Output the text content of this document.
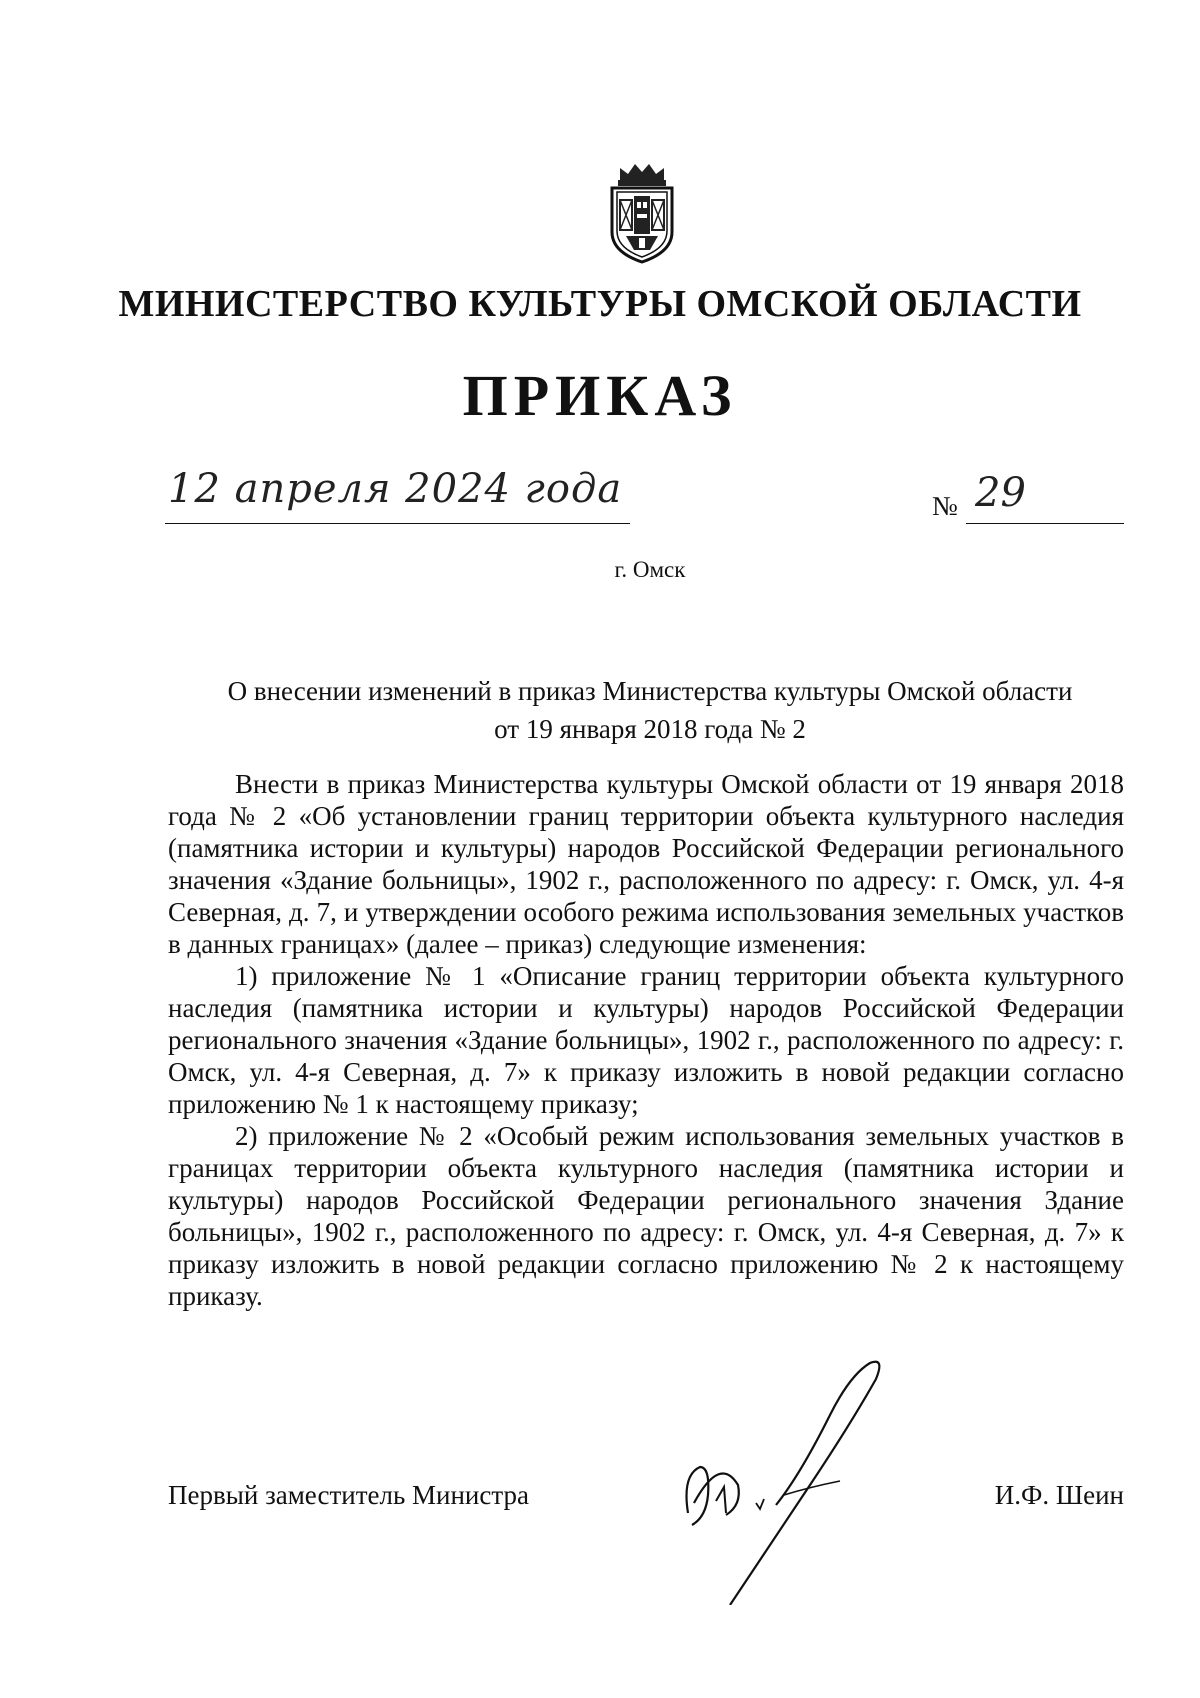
МИНИСТЕРСТВО КУЛЬТУРЫ ОМСКОЙ ОБЛАСТИ
ПРИКАЗ
12 апреля 2024 года	№ 29
г. Омск
О внесении изменений в приказ Министерства культуры Омской области
от 19 января 2018 года № 2

Внести в приказ Министерства культуры Омской области от 19 января 2018 года № 2 «Об установлении границ территории объекта культурного наследия (памятника истории и культуры) народов Российской Федерации регионального значения «Здание больницы», 1902 г., расположенного по адресу: г. Омск, ул. 4-я Северная, д. 7, и утверждении особого режима использования земельных участков в данных границах» (далее – приказ) следующие изменения:

1) приложение № 1 «Описание границ территории объекта культурного наследия (памятника истории и культуры) народов Российской Федерации регионального значения «Здание больницы», 1902 г., расположенного по адресу: г. Омск, ул. 4-я Северная, д. 7» к приказу изложить в новой редакции согласно приложению № 1 к настоящему приказу;

2) приложение № 2 «Особый режим использования земельных участков в границах территории объекта культурного наследия (памятника истории и культуры) народов Российской Федерации регионального значения Здание больницы», 1902 г., расположенного по адресу: г. Омск, ул. 4-я Северная, д. 7» к приказу изложить в новой редакции согласно приложению № 2 к настоящему приказу.

Первый заместитель Министра	И.Ф. Шеин
